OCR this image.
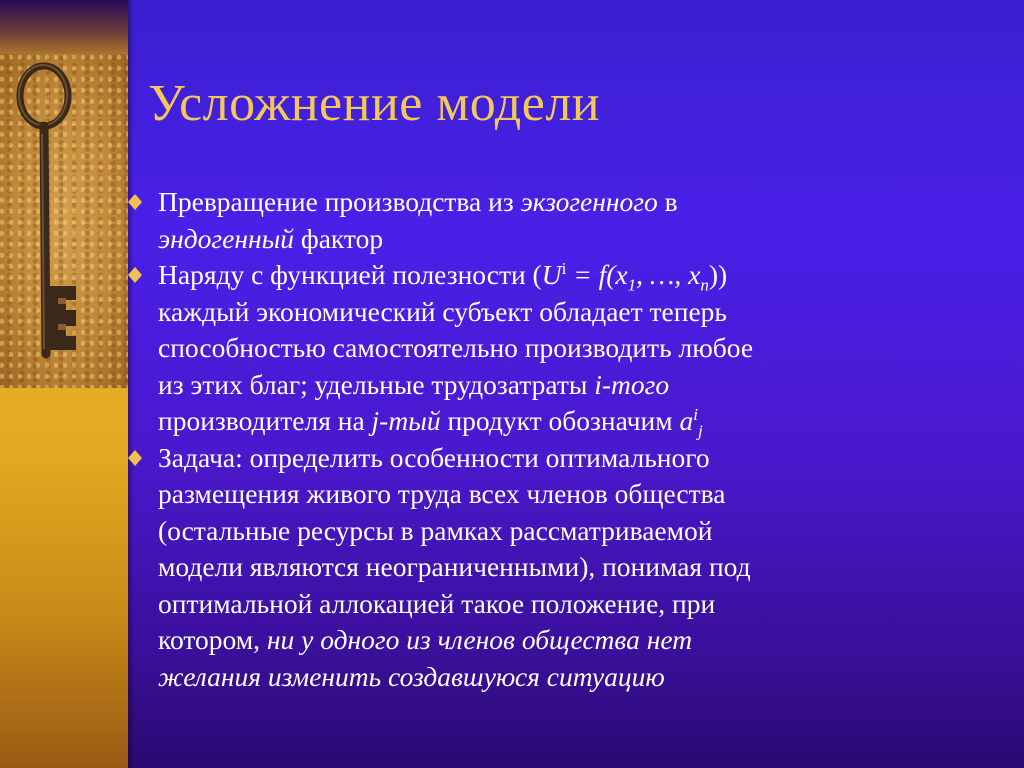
Усложнение модели
Превращение производства из экзогенного в
эндогенный фактор
Наряду с функцией полезности ($U^i = f(x_1$, …, $x_n$))
каждый экономический субъект обладает теперь
способностью самостоятельно производить любое
из этих благ; удельные трудозатраты i-того
производителя на j-тый продукт обозначим $a^i_j$
Задача: определить особенности оптимального
размещения живого труда всех членов общества
(остальные ресурсы в рамках рассматриваемой
модели являются неограниченными), понимая под
оптимальной аллокацией такое положение, при
котором, ни у одного из членов общества нет
желания изменить создавшуюся ситуацию
